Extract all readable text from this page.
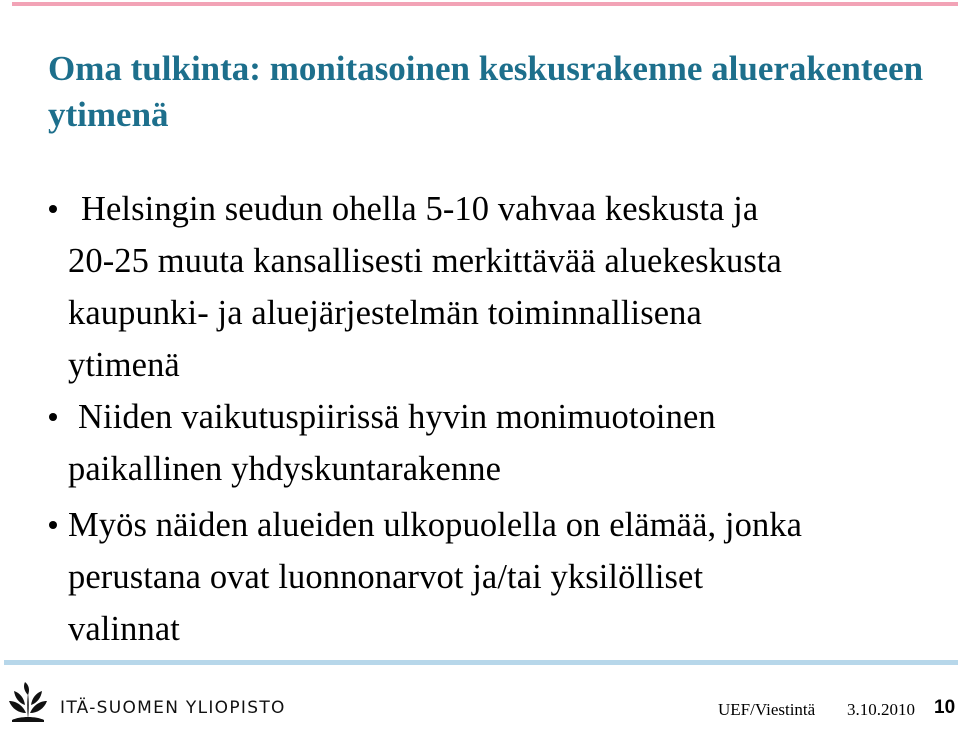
Oma tulkinta: monitasoinen keskusrakenne aluerakenteen ytimenä
Helsingin seudun ohella 5-10 vahvaa keskusta ja
20-25 muuta kansallisesti merkittävää aluekeskusta
kaupunki- ja aluejärjestelmän toiminnallisena
ytimenä
Niiden vaikutuspiirissä hyvin monimuotoinen
paikallinen yhdyskuntarakenne
Myös näiden alueiden ulkopuolella on elämää, jonka
perustana ovat luonnonarvot ja/tai yksilölliset
valinnat
ITÄ-SUOMEN YLIOPISTO	UEF/Viestintä 3.10.2010 10
